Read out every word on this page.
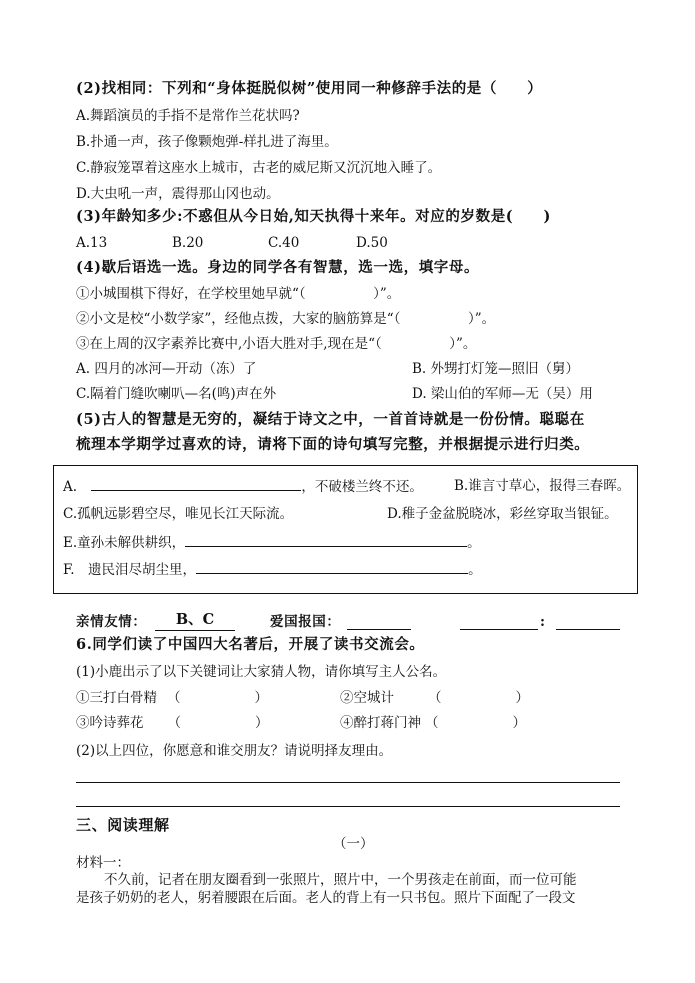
(2)找相同：下列和“身体挺脱似树”使用同一种修辞手法的是（　　）
A.舞蹈演员的手指不是常作兰花状吗?
B.扑通一声，孩子像颗炮弹-样扎进了海里。
C.静寂笼罩着这座水上城市，古老的威尼斯又沉沉地入睡了。
D.大虫吼一声，震得那山冈也动。
(3)年龄知多少:不惑但从今日始,知天执得十来年。对应的岁数是(　　)
A.13	B.20	C.40	D.50
(4)歇后语选一选。身边的同学各有智慧，选一选，填字母。
①小城围棋下得好，在学校里她早就“（　　　　　）”。
②小文是校“小数学家”，经他点拨，大家的脑筋算是“（　　　　　）”。
③在上周的汉字素养比赛中,小语大胜对手,现在是“（　　　　　）”。
A. 四月的冰河—开动（冻）了	B. 外甥打灯笼—照旧（舅）
C.隔着门缝吹喇叭—名(鸣)声在外	D. 梁山伯的军师—无（吴）用
(5)古人的智慧是无穷的，凝结于诗文之中，一首首诗就是一份份情。聪聪在
梳理本学期学过喜欢的诗，请将下面的诗句填写完整，并根据提示进行归类。
A.	，不破楼兰终不还。 B.谁言寸草心，报得三春晖。
C.孤帆远影碧空尽，唯见长江天际流。	D.稚子金盆脱晓冰，彩丝穿取当银钲。
E.童孙未解供耕织，	。
F.　遗民泪尽胡尘里，	。
亲情友情：	B、C	爱国报国：	:
6.同学们读了中国四大名著后，开展了读书交流会。
(1)小鹿出示了以下关键词让大家猜人物，请你填写主人公名。
①三打白骨精 （	）	②空城计	（	）
③吟诗葬花 （	）	④醉打蒋门神 （	）
(2)以上四位，你愿意和谁交朋友？请说明择友理由。
三、阅读理解
（一）
材料一：
不久前，记者在朋友圈看到一张照片，照片中，一个男孩走在前面，而一位可能
是孩子奶奶的老人，躬着腰跟在后面。老人的背上有一只书包。照片下面配了一段文
